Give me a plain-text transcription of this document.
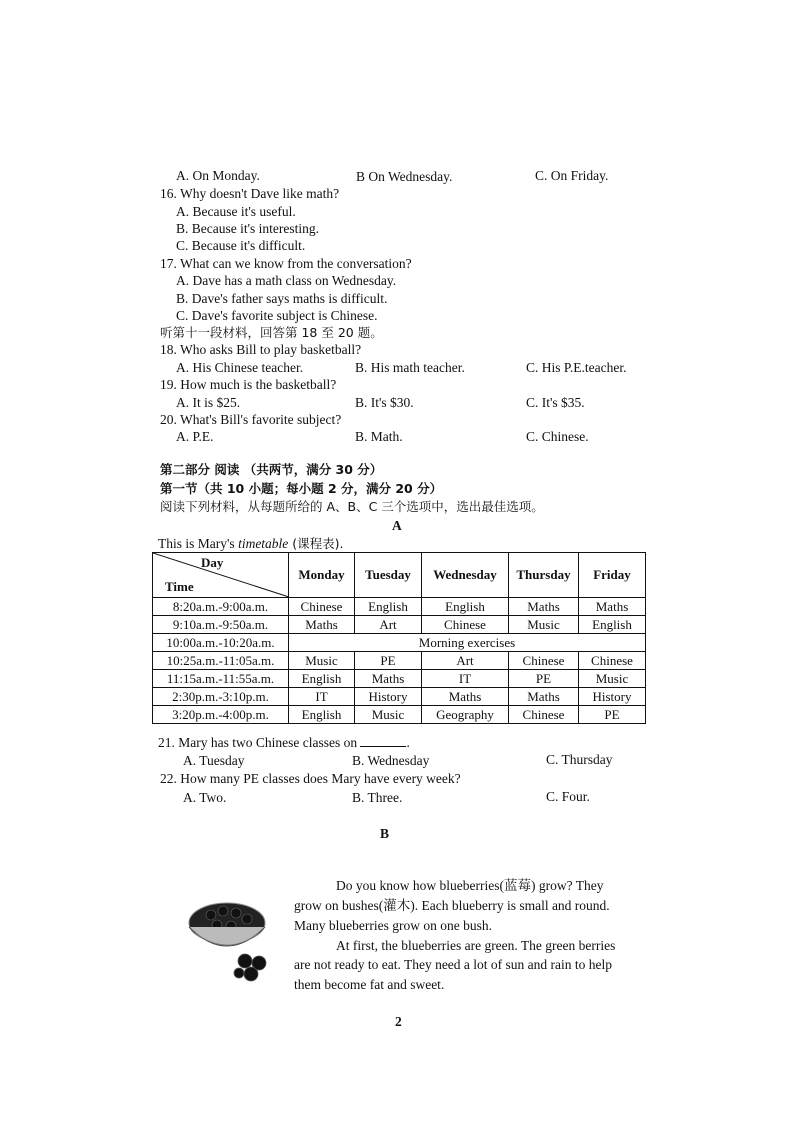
A. On Monday.	B On Wednesday.	C. On Friday.
16. Why doesn't Dave like math?
A. Because it's useful.
B. Because it's interesting.
C. Because it's difficult.
17. What can we know from the conversation?
A. Dave has a math class on Wednesday.
B. Dave's father says maths is difficult.
C. Dave's favorite subject is Chinese.
听第十一段材料，回答第 18 至 20 题。
18. Who asks Bill to play basketball?
A. His Chinese teacher.	B. His math teacher.	C. His P.E.teacher.
19. How much is the basketball?
A. It is $25.	B. It's $30.	C. It's $35.
20. What's Bill's favorite subject?
A. P.E.	B. Math.	C. Chinese.
第二部分 阅读 （共两节，满分 30 分）
第一节（共 10 小题；每小题 2 分，满分 20 分）
阅读下列材料，从每题所给的 A、B、C 三个选项中，选出最佳选项。
A
This is Mary's timetable (课程表).
Day
Time	Monday	Tuesday	Wednesday	Thursday	Friday
8:20a.m.-9:00a.m.	Chinese	English	English	Maths	Maths
9:10a.m.-9:50a.m.	Maths	Art	Chinese	Music	English
10:00a.m.-10:20a.m.	Morning exercises				
10:25a.m.-11:05a.m.	Music	PE	Art	Chinese	Chinese
11:15a.m.-11:55a.m.	English	Maths	IT	PE	Music
2:30p.m.-3:10p.m.	IT	History	Maths	Maths	History
3:20p.m.-4:00p.m.	English	Music	Geography	Chinese	PE
21. Mary has two Chinese classes on	.
A. Tuesday	B. Wednesday	C. Thursday
22. How many PE classes does Mary have every week?
A. Two.	B. Three.	C. Four.
B
Do you know how blueberries(蓝莓) grow? They
grow on bushes(灌木). Each blueberry is small and round.
Many blueberries grow on one bush.
At first, the blueberries are green. The green berries
are not ready to eat. They need a lot of sun and rain to help
them become fat and sweet.
2
